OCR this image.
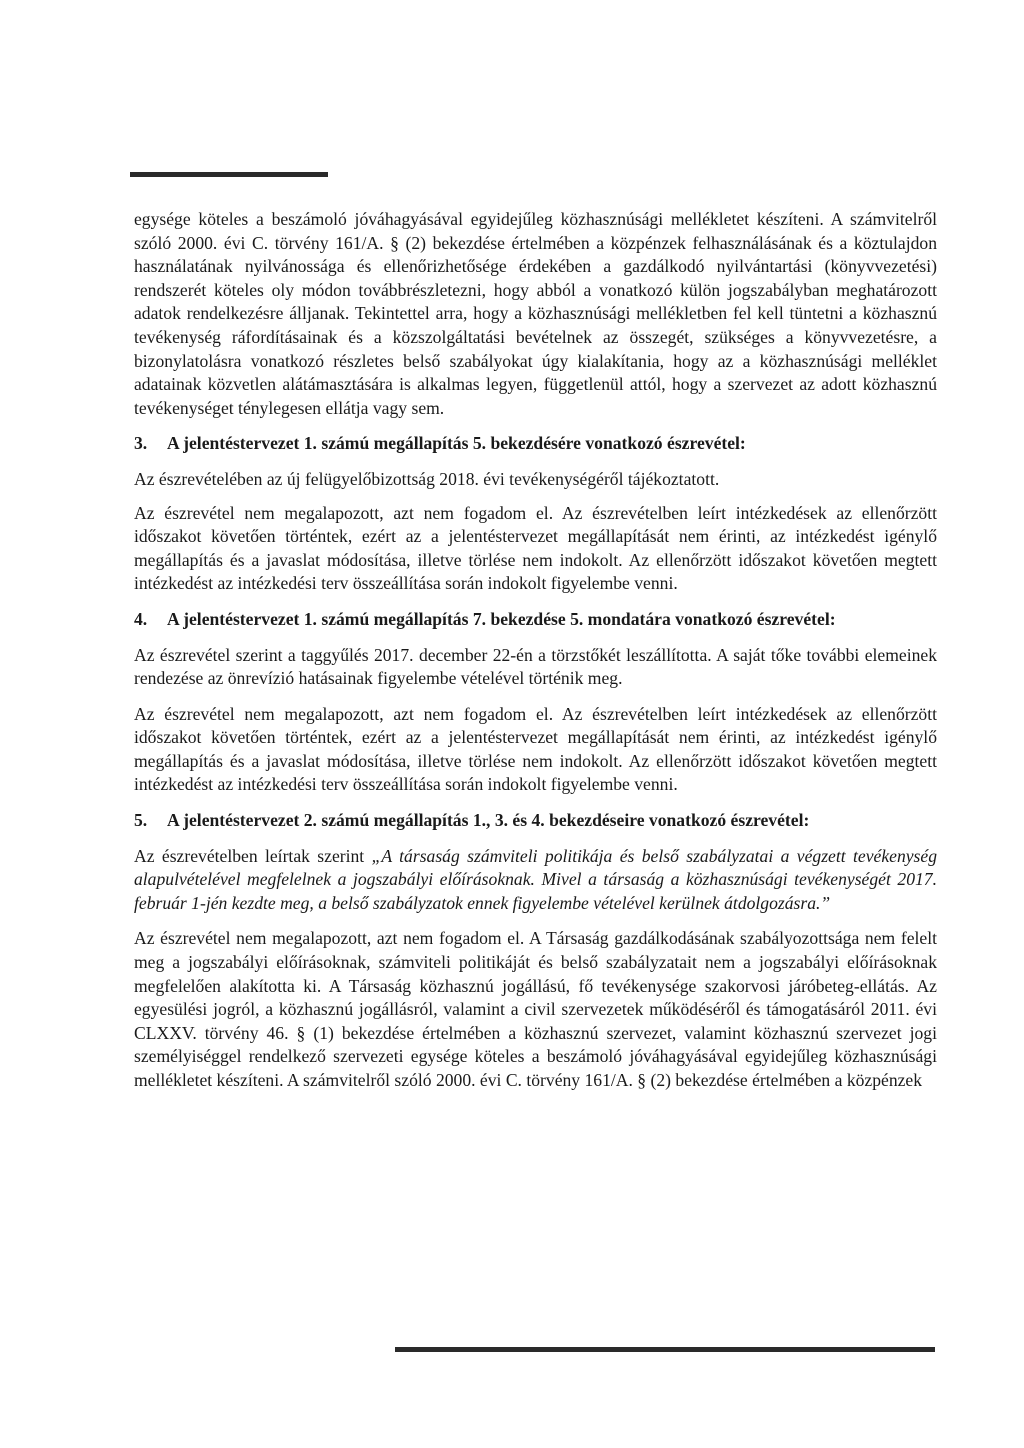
egysége köteles a beszámoló jóváhagyásával egyidejűleg közhasznúsági mellékletet készíteni. A számvitelről szóló 2000. évi C. törvény 161/A. § (2) bekezdése értelmében a közpénzek felhasználásának és a köztulajdon használatának nyilvánossága és ellenőrizhetősége érdekében a gazdálkodó nyilvántartási (könyvvezetési) rendszerét köteles oly módon továbbrészletezni, hogy abból a vonatkozó külön jogszabályban meghatározott adatok rendelkezésre álljanak. Tekintettel arra, hogy a közhasznúsági mellékletben fel kell tüntetni a közhasznú tevékenység ráfordításainak és a közszolgáltatási bevételnek az összegét, szükséges a könyvvezetésre, a bizonylatolásra vonatkozó részletes belső szabályokat úgy kialakítania, hogy az a közhasznúsági melléklet adatainak közvetlen alátámasztására is alkalmas legyen, függetlenül attól, hogy a szervezet az adott közhasznú tevékenységet ténylegesen ellátja vagy sem.

3.	A jelentéstervezet 1. számú megállapítás 5. bekezdésére vonatkozó észrevétel:

Az észrevételében az új felügyelőbizottság 2018. évi tevékenységéről tájékoztatott.

Az észrevétel nem megalapozott, azt nem fogadom el. Az észrevételben leírt intézkedések az ellenőrzött időszakot követően történtek, ezért az a jelentéstervezet megállapítását nem érinti, az intézkedést igénylő megállapítás és a javaslat módosítása, illetve törlése nem indokolt. Az ellenőrzött időszakot követően megtett intézkedést az intézkedési terv összeállítása során indokolt figyelembe venni.

4.	A jelentéstervezet 1. számú megállapítás 7. bekezdése 5. mondatára vonatkozó észrevétel:

Az észrevétel szerint a taggyűlés 2017. december 22-én a törzstőkét leszállította. A saját tőke további elemeinek rendezése az önrevízió hatásainak figyelembe vételével történik meg.

Az észrevétel nem megalapozott, azt nem fogadom el. Az észrevételben leírt intézkedések az ellenőrzött időszakot követően történtek, ezért az a jelentéstervezet megállapítását nem érinti, az intézkedést igénylő megállapítás és a javaslat módosítása, illetve törlése nem indokolt. Az ellenőrzött időszakot követően megtett intézkedést az intézkedési terv összeállítása során indokolt figyelembe venni.

5.	A jelentéstervezet 2. számú megállapítás 1., 3. és 4. bekezdéseire vonatkozó észrevétel:

Az észrevételben leírtak szerint „A társaság számviteli politikája és belső szabályzatai a végzett tevékenység alapulvételével megfelelnek a jogszabályi előírásoknak. Mivel a társaság a közhasznúsági tevékenységét 2017. február 1-jén kezdte meg, a belső szabályzatok ennek figyelembe vételével kerülnek átdolgozásra.”

Az észrevétel nem megalapozott, azt nem fogadom el. A Társaság gazdálkodásának szabályozottsága nem felelt meg a jogszabályi előírásoknak, számviteli politikáját és belső szabályzatait nem a jogszabályi előírásoknak megfelelően alakította ki. A Társaság közhasznú jogállású, fő tevékenysége szakorvosi járóbeteg-ellátás. Az egyesülési jogról, a közhasznú jogállásról, valamint a civil szervezetek működéséről és támogatásáról 2011. évi CLXXV. törvény 46. § (1) bekezdése értelmében a közhasznú szervezet, valamint közhasznú szervezet jogi személyiséggel rendelkező szervezeti egysége köteles a beszámoló jóváhagyásával egyidejűleg közhasznúsági mellékletet készíteni. A számvitelről szóló 2000. évi C. törvény 161/A. § (2) bekezdése értelmében a közpénzek
